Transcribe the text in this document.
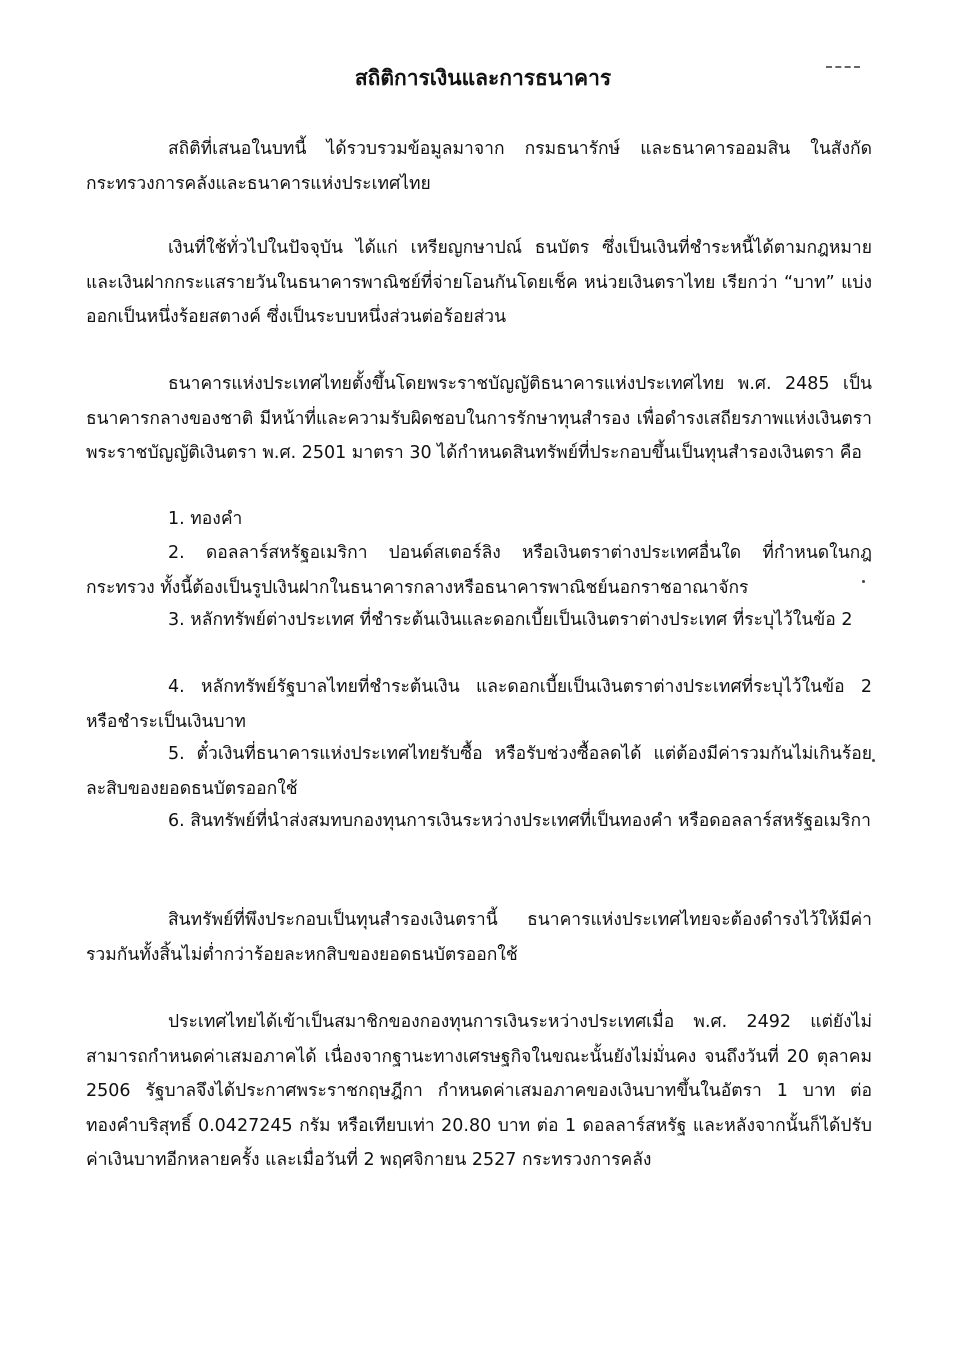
สถิติการเงินและการธนาคาร

สถิติที่เสนอในบทนี้ ได้รวบรวมข้อมูลมาจาก กรมธนารักษ์ และธนาคารออมสิน ในสังกัดกระทรวงการคลังและธนาคารแห่งประเทศไทย

เงินที่ใช้ทั่วไปในปัจจุบัน ได้แก่ เหรียญกษาปณ์ ธนบัตร ซึ่งเป็นเงินที่ชำระหนี้ได้ตามกฎหมายและเงินฝากกระแสรายวันในธนาคารพาณิชย์ที่จ่ายโอนกันโดยเช็ค หน่วยเงินตราไทย เรียกว่า “บาท” แบ่งออกเป็นหนึ่งร้อยสตางค์ ซึ่งเป็นระบบหนึ่งส่วนต่อร้อยส่วน

ธนาคารแห่งประเทศไทยตั้งขึ้นโดยพระราชบัญญัติธนาคารแห่งประเทศไทย พ.ศ. 2485 เป็นธนาคารกลางของชาติ มีหน้าที่และความรับผิดชอบในการรักษาทุนสำรอง เพื่อดำรงเสถียรภาพแห่งเงินตรา พระราชบัญญัติเงินตรา พ.ศ. 2501 มาตรา 30 ได้กำหนดสินทรัพย์ที่ประกอบขึ้นเป็นทุนสำรองเงินตรา คือ

1. ทองคำ

2. ดอลลาร์สหรัฐอเมริกา ปอนด์สเตอร์ลิง หรือเงินตราต่างประเทศอื่นใด ที่กำหนดในกฎกระทรวง ทั้งนี้ต้องเป็นรูปเงินฝากในธนาคารกลางหรือธนาคารพาณิชย์นอกราชอาณาจักร

3. หลักทรัพย์ต่างประเทศ ที่ชำระต้นเงินและดอกเบี้ยเป็นเงินตราต่างประเทศ ที่ระบุไว้ในข้อ 2

4. หลักทรัพย์รัฐบาลไทยที่ชำระต้นเงิน และดอกเบี้ยเป็นเงินตราต่างประเทศที่ระบุไว้ในข้อ 2 หรือชำระเป็นเงินบาท

5. ตั๋วเงินที่ธนาคารแห่งประเทศไทยรับซื้อ หรือรับช่วงซื้อลดได้ แต่ต้องมีค่ารวมกันไม่เกินร้อยละสิบของยอดธนบัตรออกใช้

6. สินทรัพย์ที่นำส่งสมทบกองทุนการเงินระหว่างประเทศที่เป็นทองคำ หรือดอลลาร์สหรัฐอเมริกา

สินทรัพย์ที่พึงประกอบเป็นทุนสำรองเงินตรานี้ ธนาคารแห่งประเทศไทยจะต้องดำรงไว้ให้มีค่ารวมกันทั้งสิ้นไม่ต่ำกว่าร้อยละหกสิบของยอดธนบัตรออกใช้

ประเทศไทยได้เข้าเป็นสมาชิกของกองทุนการเงินระหว่างประเทศเมื่อ พ.ศ. 2492 แต่ยังไม่สามารถกำหนดค่าเสมอภาคได้ เนื่องจากฐานะทางเศรษฐกิจในขณะนั้นยังไม่มั่นคง จนถึงวันที่ 20 ตุลาคม 2506 รัฐบาลจึงได้ประกาศพระราชกฤษฎีกา กำหนดค่าเสมอภาคของเงินบาทขึ้นในอัตรา 1 บาท ต่อทองคำบริสุทธิ์ 0.0427245 กรัม หรือเทียบเท่า 20.80 บาท ต่อ 1 ดอลลาร์สหรัฐ และหลังจากนั้นก็ได้ปรับค่าเงินบาทอีกหลายครั้ง และเมื่อวันที่ 2 พฤศจิกายน 2527 กระทรวงการคลัง
